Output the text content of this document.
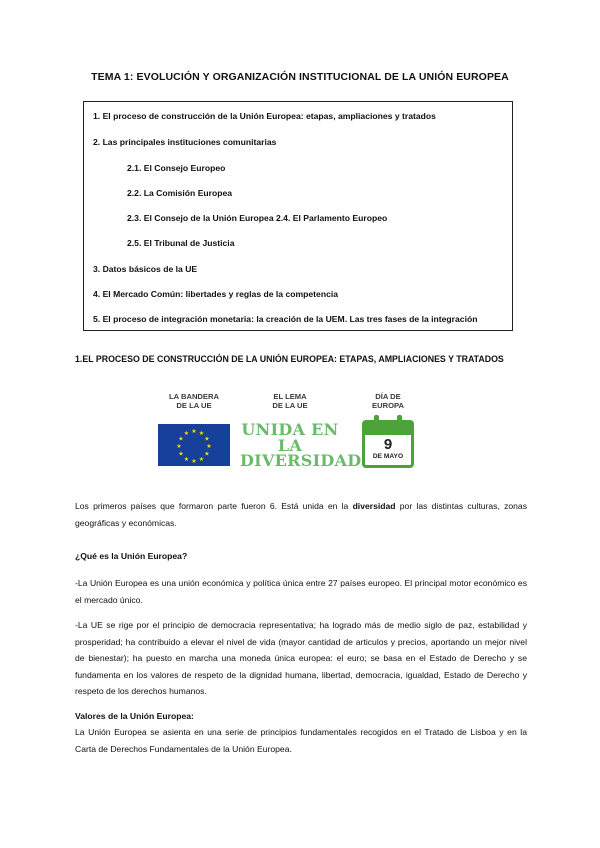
TEMA 1: EVOLUCIÓN Y ORGANIZACIÓN INSTITUCIONAL DE LA UNIÓN EUROPEA
1. El proceso de construcción de la Unión Europea: etapas, ampliaciones y tratados
2. Las principales instituciones comunitarias
2.1. El Consejo Europeo
2.2. La Comisión Europea
2.3. El Consejo de la Unión Europea 2.4. El Parlamento Europeo
2.5. El Tribunal de Justicia
3. Datos básicos de la UE
4. El Mercado Común: libertades y reglas de la competencia
5. El proceso de integración monetaria: la creación de la UEM. Las tres fases de la integración
1.EL PROCESO DE CONSTRUCCIÓN DE LA UNIÓN EUROPEA: ETAPAS, AMPLIACIONES Y TRATADOS
LA BANDERA
DE LA UE
EL LEMA
DE LA UE
DÍA DE
EUROPA
★ ★
★
★
★
★
★
★
★
★
★
★	UNIDA EN
LA
DIVERSIDAD
9
DE MAYO
Los primeros países que formaron parte fueron 6. Está unida en la diversidad por las distintas culturas, zonas geográficas y económicas.
¿Qué es la Unión Europea?
-La Unión Europea es una unión económica y política única entre 27 países europeo. El principal motor económico es el mercado único.
-La UE se rige por el principio de democracia representativa; ha logrado más de medio siglo de paz, estabilidad y prosperidad; ha contribuido a elevar el nivel de vida (mayor cantidad de articulos y precios, aportando un mejor nivel de bienestar); ha puesto en marcha una moneda única europea: el euro; se basa en el Estado de Derecho y se fundamenta en los valores de respeto de la dignidad humana, libertad, democracia, igualdad, Estado de Derecho y respeto de los derechos humanos.
Valores de la Unión Europea:
La Unión Europea se asienta en una serie de principios fundamentales recogidos en el Tratado de Lisboa y en la Carta de Derechos Fundamentales de la Unión Europea.
